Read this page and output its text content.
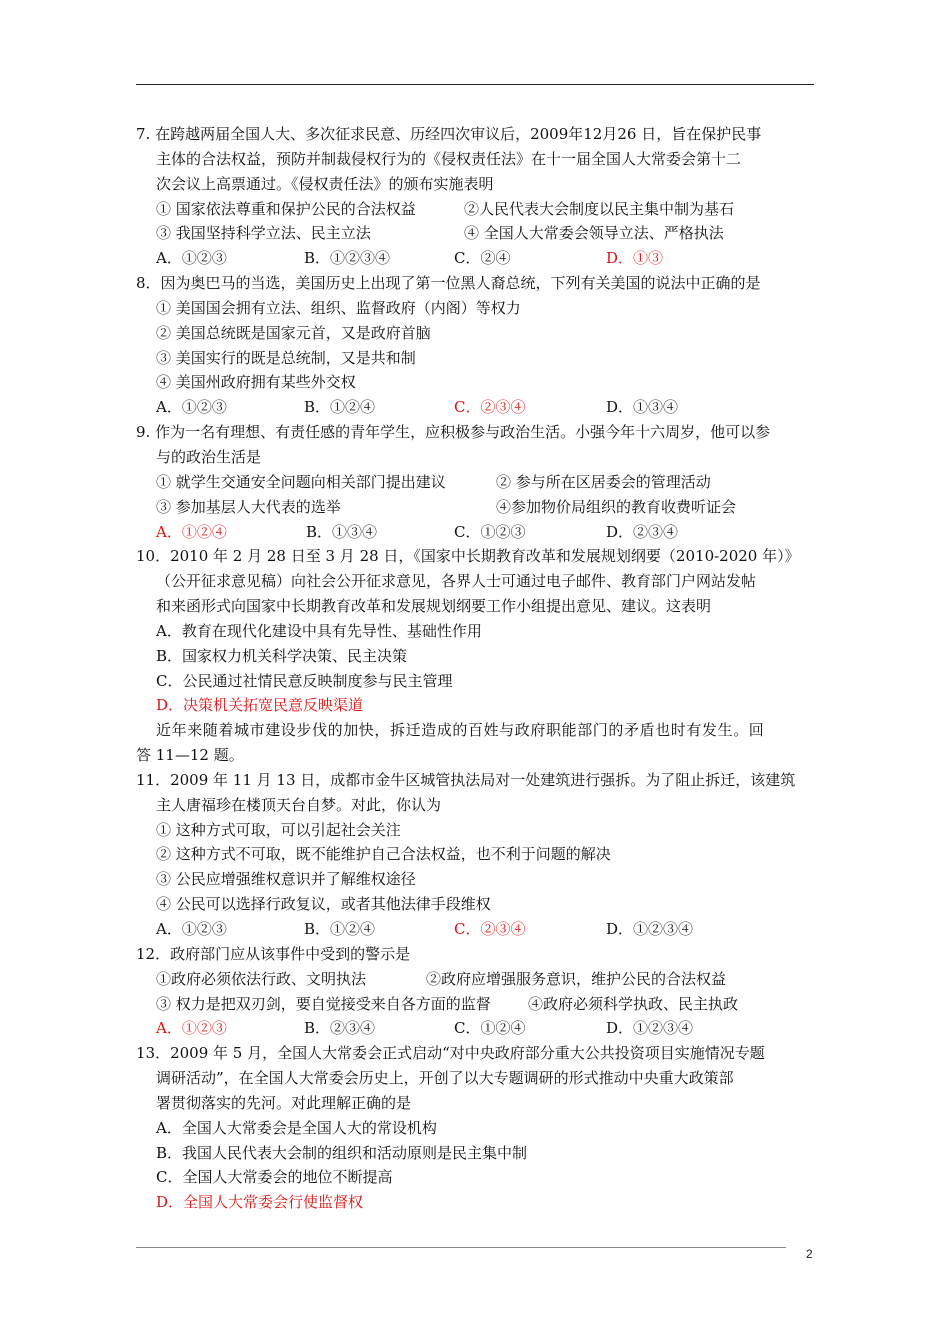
7. 在跨越两届全国人大、多次征求民意、历经四次审议后，2009年12月26 日，旨在保护民事
主体的合法权益，预防并制裁侵权行为的《侵权责任法》在十一届全国人大常委会第十二
次会议上高票通过。《侵权责任法》的颁布实施表明
① 国家依法尊重和保护公民的合法权益	②人民代表大会制度以民主集中制为基石
③ 我国坚持科学立法、民主立法	④ 全国人大常委会领导立法、严格执法
A．①②③	B．①②③④	C．②④	D．①③
8．因为奥巴马的当选，美国历史上出现了第一位黑人裔总统，下列有关美国的说法中正确的是
① 美国国会拥有立法、组织、监督政府（内阁）等权力
② 美国总统既是国家元首，又是政府首脑
③ 美国实行的既是总统制，又是共和制
④ 美国州政府拥有某些外交权
A．①②③	B．①②④	C．②③④	D．①③④
9. 作为一名有理想、有责任感的青年学生，应积极参与政治生活。小强今年十六周岁，他可以参
与的政治生活是
① 就学生交通安全问题向相关部门提出建议	② 参与所在区居委会的管理活动
③ 参加基层人大代表的选举	④参加物价局组织的教育收费听证会
A．①②④	B．①③④	C．①②③	D．②③④
10．2010 年 2 月 28 日至 3 月 28 日，《国家中长期教育改革和发展规划纲要（2010-2020 年）》
（公开征求意见稿）向社会公开征求意见，各界人士可通过电子邮件、教育部门户网站发帖
和来函形式向国家中长期教育改革和发展规划纲要工作小组提出意见、建议。这表明
A．教育在现代化建设中具有先导性、基础性作用
B．国家权力机关科学决策、民主决策
C．公民通过社情民意反映制度参与民主管理
D．决策机关拓宽民意反映渠道
近年来随着城市建设步伐的加快，拆迁造成的百姓与政府职能部门的矛盾也时有发生。回
答 11—12 题。
11．2009 年 11 月 13 日，成都市金牛区城管执法局对一处建筑进行强拆。为了阻止拆迁，该建筑
主人唐福珍在楼顶天台自梦。对此，你认为
① 这种方式可取，可以引起社会关注
② 这种方式不可取，既不能维护自己合法权益，也不利于问题的解决
③ 公民应增强维权意识并了解维权途径
④ 公民可以选择行政复议，或者其他法律手段维权
A．①②③	B．①②④	C．②③④	D．①②③④
12．政府部门应从该事件中受到的警示是
①政府必须依法行政、文明执法	②政府应增强服务意识，维护公民的合法权益
③ 权力是把双刃剑，要自觉接受来自各方面的监督	④政府必须科学执政、民主执政
A．①②③	B．②③④	C．①②④	D．①②③④
13．2009 年 5 月，全国人大常委会正式启动“对中央政府部分重大公共投资项目实施情况专题
调研活动”，在全国人大常委会历史上，开创了以大专题调研的形式推动中央重大政策部
署贯彻落实的先河。对此理解正确的是
A．全国人大常委会是全国人大的常设机构
B．我国人民代表大会制的组织和活动原则是民主集中制
C．全国人大常委会的地位不断提高
D．全国人大常委会行使监督权
2
